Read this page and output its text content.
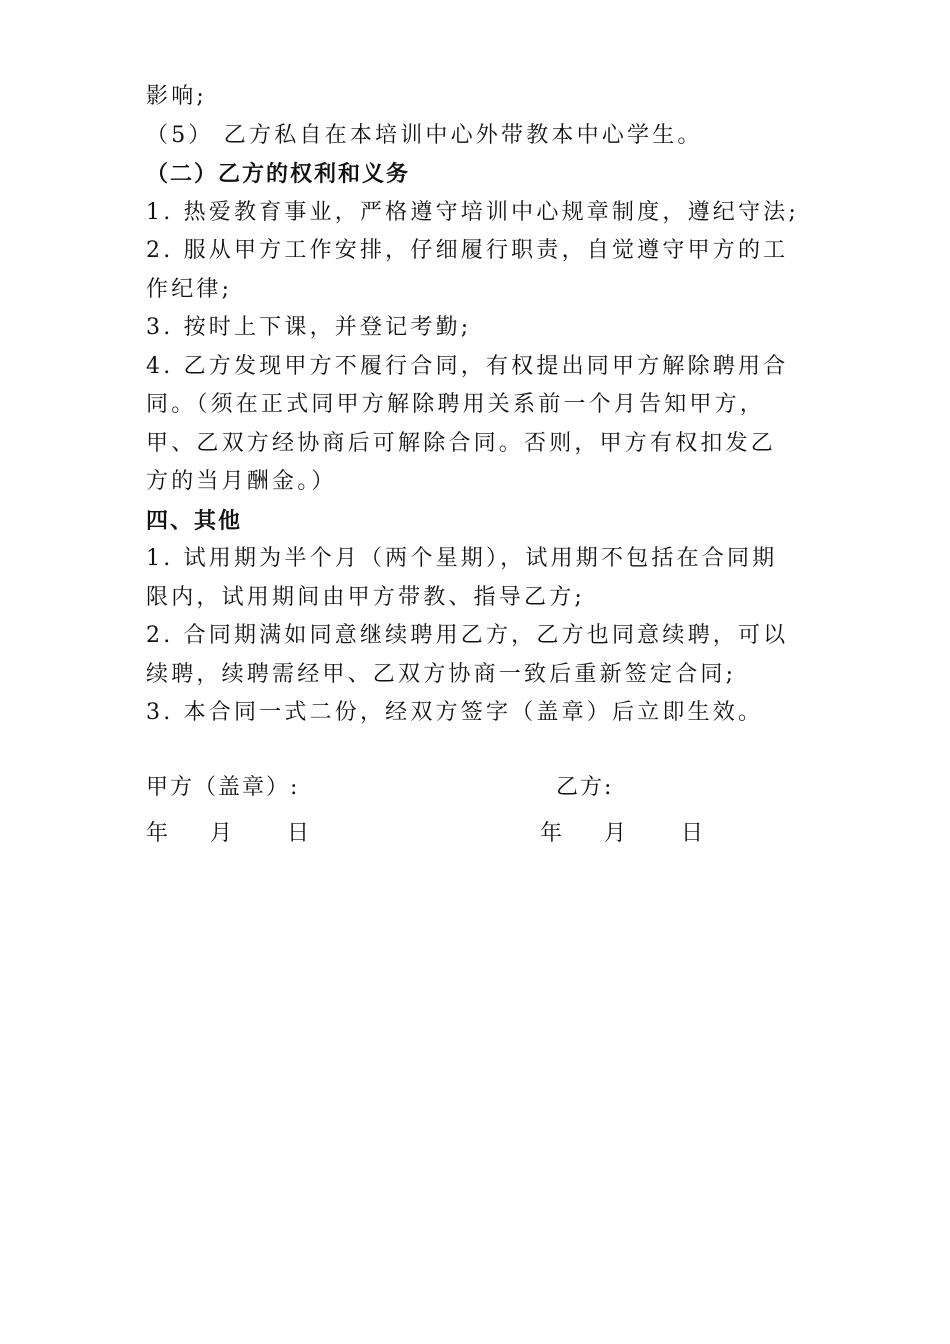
影响;
（5） 乙方私自在本培训中心外带教本中心学生。
（二）乙方的权利和义务
1. 热爱教育事业，严格遵守培训中心规章制度，遵纪守法;
2. 服从甲方工作安排，仔细履行职责，自觉遵守甲方的工
作纪律;
3. 按时上下课，并登记考勤;
4. 乙方发现甲方不履行合同，有权提出同甲方解除聘用合
同。（须在正式同甲方解除聘用关系前一个月告知甲方，
甲、乙双方经协商后可解除合同。否则，甲方有权扣发乙
方的当月酬金。）
四、其他
1. 试用期为半个月（两个星期），试用期不包括在合同期
限内，试用期间由甲方带教、指导乙方;
2. 合同期满如同意继续聘用乙方，乙方也同意续聘，可以
续聘，续聘需经甲、乙双方协商一致后重新签定合同;
3. 本合同一式二份，经双方签字（盖章）后立即生效。
甲方（盖章）:	乙方:
年 月 日	年 月 日
